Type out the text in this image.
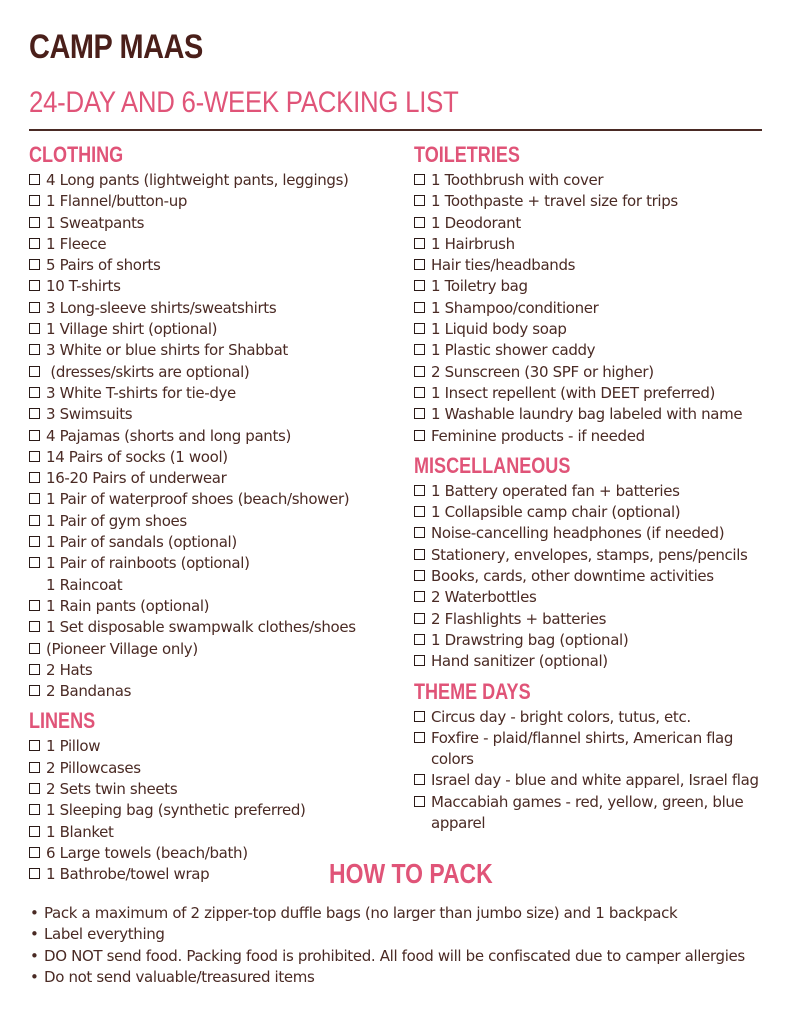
CAMP MAAS
24-DAY AND 6-WEEK PACKING LIST
CLOTHING
4 Long pants (lightweight pants, leggings)
1 Flannel/button-up
1 Sweatpants
1 Fleece
5 Pairs of shorts
10 T-shirts
3 Long-sleeve shirts/sweatshirts
1 Village shirt (optional)
3 White or blue shirts for Shabbat
(dresses/skirts are optional)
3 White T-shirts for tie-dye
3 Swimsuits
4 Pajamas (shorts and long pants)
14 Pairs of socks (1 wool)
16-20 Pairs of underwear
1 Pair of waterproof shoes (beach/shower)
1 Pair of gym shoes
1 Pair of sandals (optional)
1 Pair of rainboots (optional)
1 Raincoat
1 Rain pants (optional)
1 Set disposable swampwalk clothes/shoes
(Pioneer Village only)
2 Hats
2 Bandanas
LINENS
1 Pillow
2 Pillowcases
2 Sets twin sheets
1 Sleeping bag (synthetic preferred)
1 Blanket
6 Large towels (beach/bath)
1 Bathrobe/towel wrap
TOILETRIES
1 Toothbrush with cover
1 Toothpaste + travel size for trips
1 Deodorant
1 Hairbrush
Hair ties/headbands
1 Toiletry bag
1 Shampoo/conditioner
1 Liquid body soap
1 Plastic shower caddy
2 Sunscreen (30 SPF or higher)
1 Insect repellent (with DEET preferred)
1 Washable laundry bag labeled with name
Feminine products - if needed
MISCELLANEOUS
1 Battery operated fan + batteries
1 Collapsible camp chair (optional)
Noise-cancelling headphones (if needed)
Stationery, envelopes, stamps, pens/pencils
Books, cards, other downtime activities
2 Waterbottles
2 Flashlights + batteries
1 Drawstring bag (optional)
Hand sanitizer (optional)
THEME DAYS
Circus day - bright colors, tutus, etc.
Foxfire - plaid/flannel shirts, American flag colors
Israel day - blue and white apparel, Israel flag
Maccabiah games - red, yellow, green, blue apparel
HOW TO PACK
• Pack a maximum of 2 zipper-top duffle bags (no larger than jumbo size) and 1 backpack
• Label everything
• DO NOT send food. Packing food is prohibited. All food will be confiscated due to camper allergies
• Do not send valuable/treasured items
